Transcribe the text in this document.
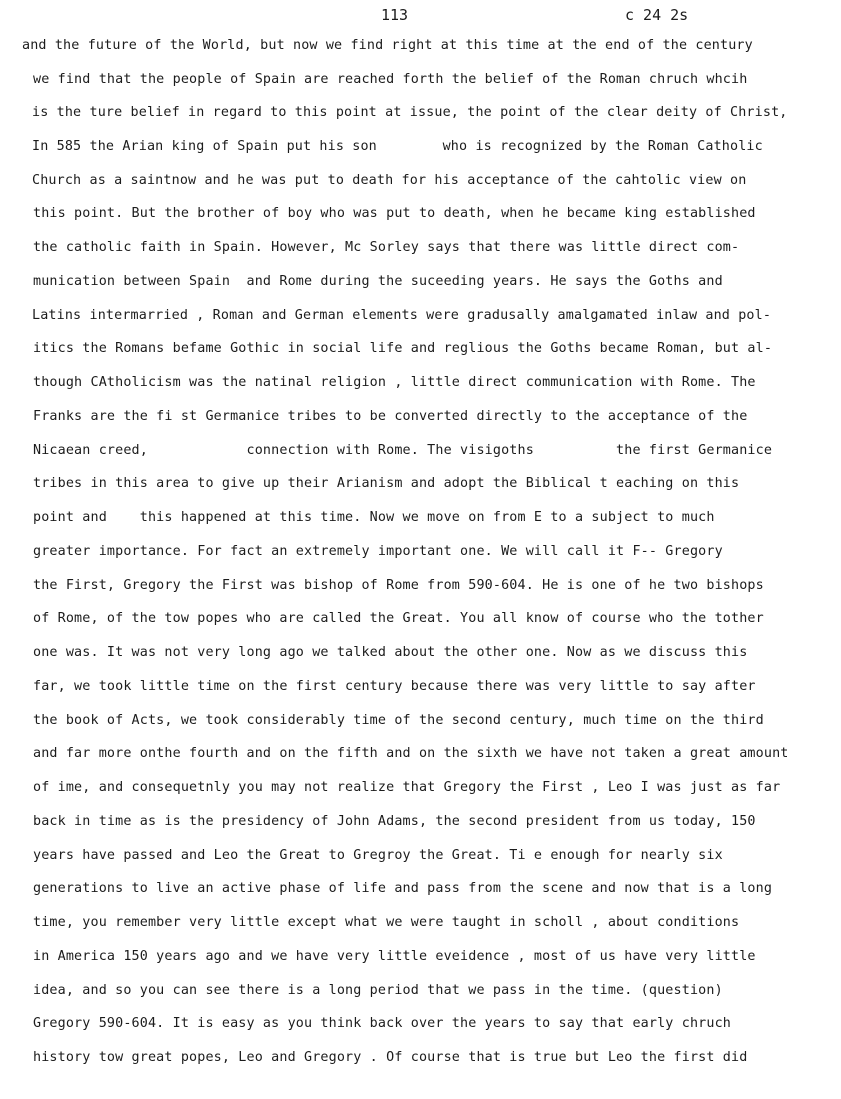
113	c 24 2s
and the future of the World, but now we find right at this time at the end of the century
we find that the people of Spain are reached forth the belief of the Roman chruch whcih
is the ture belief in regard to this point at issue, the point of the clear deity of Christ,
In 585 the Arian king of Spain put his son        who is recognized by the Roman Catholic
Church as a saintnow and he was put to death for his acceptance of the cahtolic view on
this point. But the brother of boy who was put to death, when he became king established
the catholic faith in Spain. However, Mc Sorley says that there was little direct com-
munication between Spain  and Rome during the suceeding years. He says the Goths and
Latins intermarried , Roman and German elements were gradusally amalgamated inlaw and pol-
itics the Romans befame Gothic in social life and reglious the Goths became Roman, but al-
though CAtholicism was the natinal religion , little direct communication with Rome. The
Franks are the fi st Germanice tribes to be converted directly to the acceptance of the
Nicaean creed,            connection with Rome. The visigoths          the first Germanice
tribes in this area to give up their Arianism and adopt the Biblical t eaching on this
point and    this happened at this time. Now we move on from E to a subject to much
greater importance. For fact an extremely important one. We will call it F-- Gregory
the First, Gregory the First was bishop of Rome from 590-604. He is one of he two bishops
of Rome, of the tow popes who are called the Great. You all know of course who the tother
one was. It was not very long ago we talked about the other one. Now as we discuss this
far, we took little time on the first century because there was very little to say after
the book of Acts, we took considerably time of the second century, much time on the third
and far more onthe fourth and on the fifth and on the sixth we have not taken a great amount
of ime, and consequetnly you may not realize that Gregory the First , Leo I was just as far
back in time as is the presidency of John Adams, the second president from us today, 150
years have passed and Leo the Great to Gregroy the Great. Ti e enough for nearly six
generations to live an active phase of life and pass from the scene and now that is a long
time, you remember very little except what we were taught in scholl , about conditions
in America 150 years ago and we have very little eveidence , most of us have very little
idea, and so you can see there is a long period that we pass in the time. (question)
Gregory 590-604. It is easy as you think back over the years to say that early chruch
history tow great popes, Leo and Gregory . Of course that is true but Leo the first did
